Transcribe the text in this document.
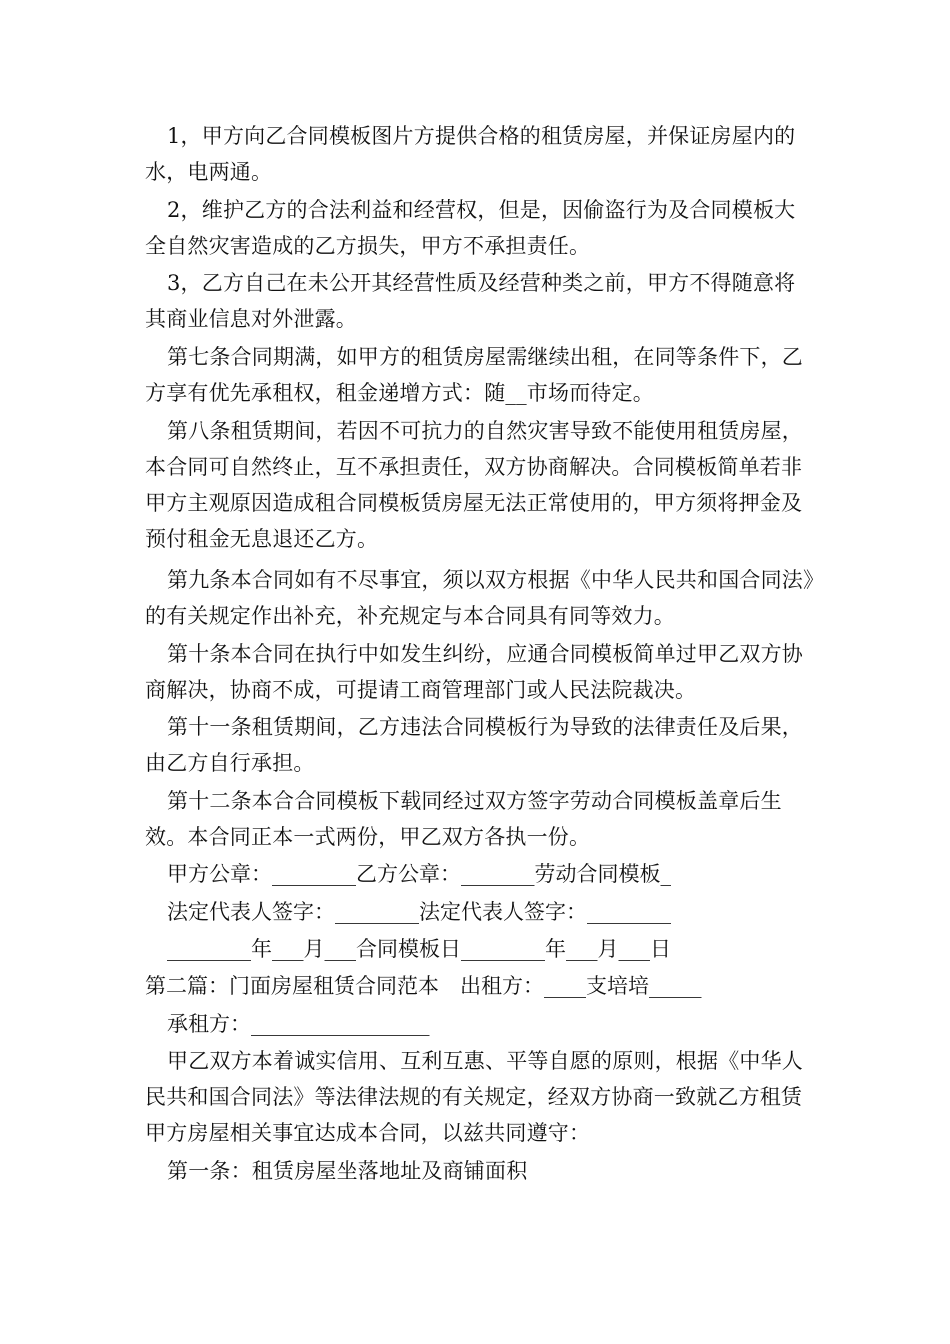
1，甲方向乙合同模板图片方提供合格的租赁房屋，并保证房屋内的水，电两通。

2，维护乙方的合法利益和经营权，但是，因偷盗行为及合同模板大全自然灾害造成的乙方损失，甲方不承担责任。

3，乙方自己在未公开其经营性质及经营种类之前，甲方不得随意将其商业信息对外泄露。

第七条合同期满，如甲方的租赁房屋需继续出租，在同等条件下，乙方享有优先承租权，租金递增方式：随__市场而待定。

第八条租赁期间，若因不可抗力的自然灾害导致不能使用租赁房屋，本合同可自然终止，互不承担责任，双方协商解决。合同模板简单若非甲方主观原因造成租合同模板赁房屋无法正常使用的，甲方须将押金及预付租金无息退还乙方。

第九条本合同如有不尽事宜，须以双方根据《中华人民共和国合同法》的有关规定作出补充，补充规定与本合同具有同等效力。

第十条本合同在执行中如发生纠纷，应通合同模板简单过甲乙双方协商解决，协商不成，可提请工商管理部门或人民法院裁决。

第十一条租赁期间，乙方违法合同模板行为导致的法律责任及后果，由乙方自行承担。

第十二条本合合同模板下载同经过双方签字劳动合同模板盖章后生效。本合同正本一式两份，甲乙双方各执一份。

甲方公章：________乙方公章：_______劳动合同模板_

法定代表人签字：________法定代表人签字：________

________年___月___合同模板日________年___月___日

第二篇：门面房屋租赁合同范本　出租方：____支培培_____

承租方：_________________

甲乙双方本着诚实信用、互利互惠、平等自愿的原则，根据《中华人民共和国合同法》等法律法规的有关规定，经双方协商一致就乙方租赁甲方房屋相关事宜达成本合同，以兹共同遵守：

第一条：租赁房屋坐落地址及商铺面积
